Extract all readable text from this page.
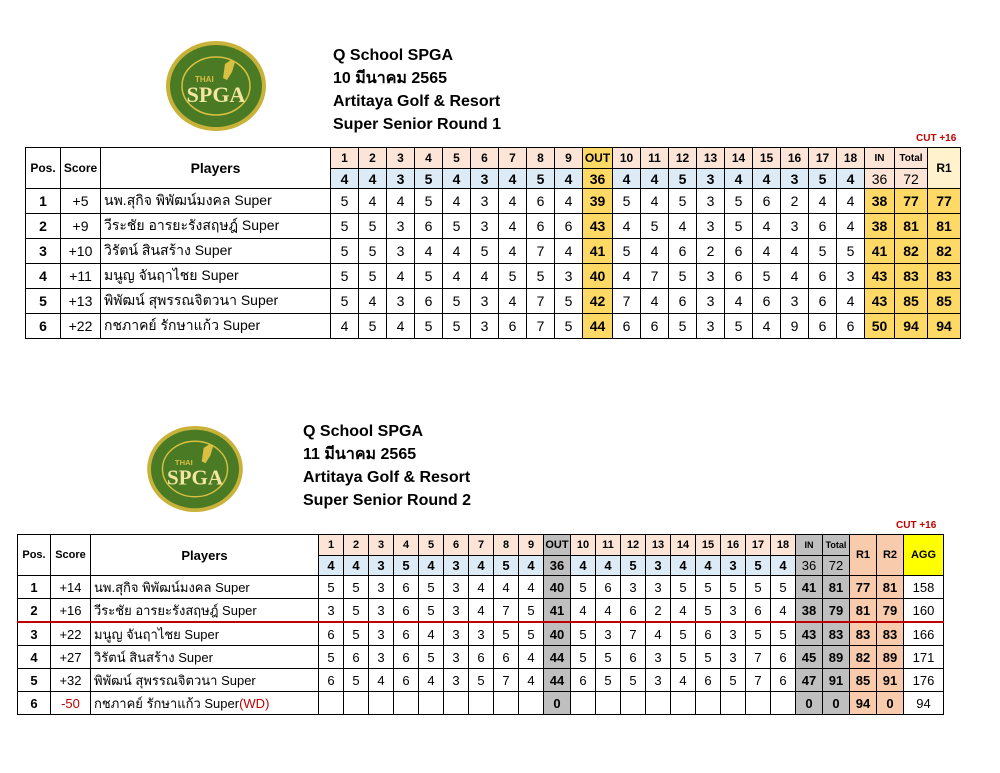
THAI
SPGA
Q School SPGA
10 มีนาคม 2565
Artitaya Golf & Resort
Super Senior Round 1
CUT +16
Pos.	Score	Players	1	2	3	4	5	6	7	8	9	OUT	10	11	12	13	14	15	16	17	18	IN	Total	R1
			4	4	3	5	4	3	4	5	4	36	4	4	5	3	4	4	3	5	4	36	72	
1	+5	นพ.สุกิจ พิพัฒน์มงคล Super	5	4	4	5	4	3	4	6	4	39	5	4	5	3	5	6	2	4	4	38	77	77
2	+9	วีระชัย อารยะรังสฤษฎ์ Super	5	5	3	6	5	3	4	6	6	43	4	5	4	3	5	4	3	6	4	38	81	81
3	+10	วิรัตน์ สินสร้าง Super	5	5	3	4	4	5	4	7	4	41	5	4	6	2	6	4	4	5	5	41	82	82
4	+11	มนูญ จันฤาไชย Super	5	5	4	5	4	4	5	5	3	40	4	7	5	3	6	5	4	6	3	43	83	83
5	+13	พิพัฒน์ สุพรรณจิตวนา Super	5	4	3	6	5	3	4	7	5	42	7	4	6	3	4	6	3	6	4	43	85	85
6	+22	กชภาคย์ รักษาแก้ว Super	4	5	4	5	5	3	6	7	5	44	6	6	5	3	5	4	9	6	6	50	94	94
THAI
SPGA
Q School SPGA
11 มีนาคม 2565
Artitaya Golf & Resort
Super Senior Round 2
CUT +16
Pos.	Score	Players	1	2	3	4	5	6	7	8	9	OUT	10	11	12	13	14	15	16	17	18	IN	Total	R1	R2	AGG
			4	4	3	5	4	3	4	5	4	36	4	4	5	3	4	4	3	5	4	36	72			
1	+14	นพ.สุกิจ พิพัฒน์มงคล Super	5	5	3	6	5	3	4	4	4	40	5	6	3	3	5	5	5	5	5	41	81	77	81	158
2	+16	วีระชัย อารยะรังสฤษฎ์ Super	3	5	3	6	5	3	4	7	5	41	4	4	6	2	4	5	3	6	4	38	79	81	79	160
3	+22	มนูญ จันฤาไชย Super	6	5	3	6	4	3	3	5	5	40	5	3	7	4	5	6	3	5	5	43	83	83	83	166
4	+27	วิรัตน์ สินสร้าง Super	5	6	3	6	5	3	6	6	4	44	5	5	6	3	5	5	3	7	6	45	89	82	89	171
5	+32	พิพัฒน์ สุพรรณจิตวนา Super	6	5	4	6	4	3	5	7	4	44	6	5	5	3	4	6	5	7	6	47	91	85	91	176
6	-50	กชภาคย์ รักษาแก้ว Super(WD)										0										0	0	94	0	94
